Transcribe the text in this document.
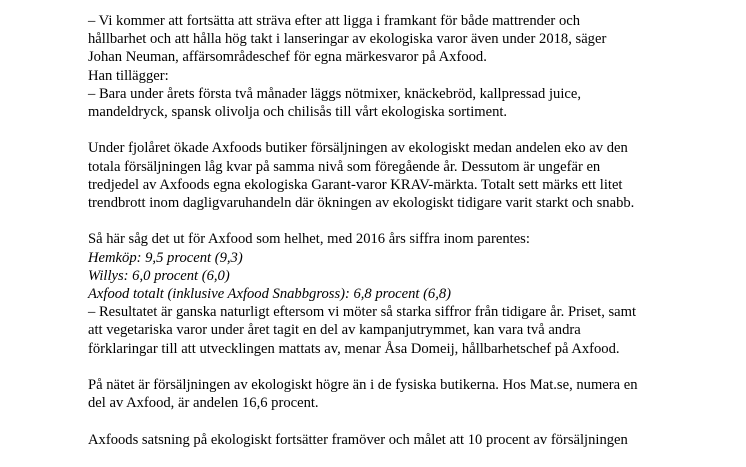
– Vi kommer att fortsätta att sträva efter att ligga i framkant för både mattrender och
hållbarhet och att hålla hög takt i lanseringar av ekologiska varor även under 2018, säger
Johan Neuman, affärsområdeschef för egna märkesvaror på Axfood.
Han tillägger:
– Bara under årets första två månader läggs nötmixer, knäckebröd, kallpressad juice,
mandeldryck, spansk olivolja och chilisås till vårt ekologiska sortiment.

Under fjolåret ökade Axfoods butiker försäljningen av ekologiskt medan andelen eko av den
totala försäljningen låg kvar på samma nivå som föregående år. Dessutom är ungefär en
tredjedel av Axfoods egna ekologiska Garant-varor KRAV-märkta. Totalt sett märks ett litet
trendbrott inom dagligvaruhandeln där ökningen av ekologiskt tidigare varit starkt och snabb.

Så här såg det ut för Axfood som helhet, med 2016 års siffra inom parentes:
Hemköp: 9,5 procent (9,3)
Willys: 6,0 procent (6,0)
Axfood totalt (inklusive Axfood Snabbgross): 6,8 procent (6,8)
– Resultatet är ganska naturligt eftersom vi möter så starka siffror från tidigare år. Priset, samt
att vegetariska varor under året tagit en del av kampanjutrymmet, kan vara två andra
förklaringar till att utvecklingen mattats av, menar Åsa Domeij, hållbarhetschef på Axfood.

På nätet är försäljningen av ekologiskt högre än i de fysiska butikerna. Hos Mat.se, numera en
del av Axfood, är andelen 16,6 procent.

Axfoods satsning på ekologiskt fortsätter framöver och målet att 10 procent av försäljningen
